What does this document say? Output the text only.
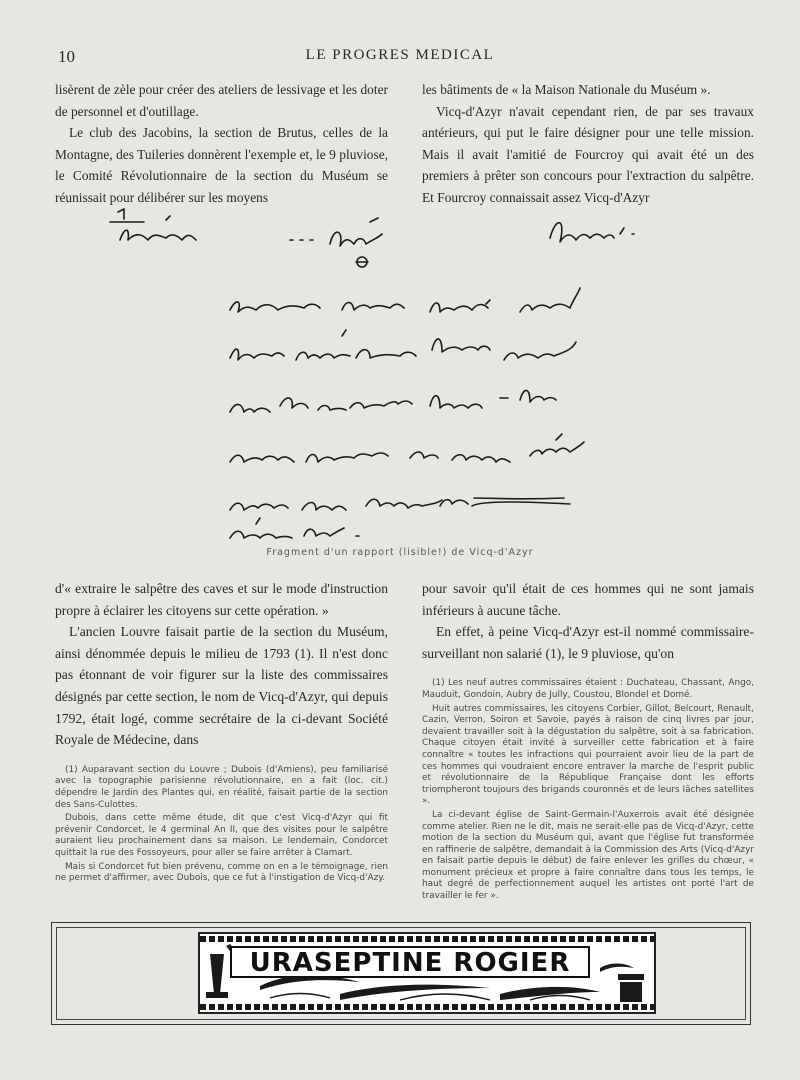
10	LE PROGRES MEDICAL

lisèrent de zèle pour créer des ateliers de lessivage et les doter de personnel et d'outillage.

Le club des Jacobins, la section de Brutus, celles de la Montagne, des Tuileries donnèrent l'exemple et, le 9 pluviose, le Comité Révolutionnaire de la section du Muséum se réunissait pour délibérer sur les moyens

les bâtiments de « la Maison Nationale du Muséum ».

Vicq-d'Azyr n'avait cependant rien, de par ses travaux antérieurs, qui put le faire désigner pour une telle mission. Mais il avait l'amitié de Fourcroy qui avait été un des premiers à prêter son concours pour l'extraction du salpêtre. Et Fourcroy connaissait assez Vicq-d'Azyr

Fragment d'un rapport (lisible!) de Vicq-d'Azyr

d'« extraire le salpêtre des caves et sur le mode d'instruction propre à éclairer les citoyens sur cette opération. »

L'ancien Louvre faisait partie de la section du Muséum, ainsi dénommée depuis le milieu de 1793 (1). Il n'est donc pas étonnant de voir figurer sur la liste des commissaires désignés par cette section, le nom de Vicq-d'Azyr, qui depuis 1792, était logé, comme secrétaire de la ci-devant Société Royale de Médecine, dans

(1) Auparavant section du Louvre ; Dubois (d'Amiens), peu familiarisé avec la topographie parisienne révolutionnaire, en a fait (loc. cit.) dépendre le Jardin des Plantes qui, en réalité, faisait partie de la section des Sans-Culottes.

Dubois, dans cette même étude, dit que c'est Vicq-d'Azyr qui fit prévenir Condorcet, le 4 germinal An II, que des visites pour le salpêtre auraient lieu prochainement dans sa maison. Le lendemain, Condorcet quittait la rue des Fossoyeurs, pour aller se faire arrêter à Clamart.

Mais si Condorcet fut bien prévenu, comme on en a le témoignage, rien ne permet d'affirmer, avec Dubois, que ce fut à l'instigation de Vicq-d'Azy.

pour savoir qu'il était de ces hommes qui ne sont jamais inférieurs à aucune tâche.

En effet, à peine Vicq-d'Azyr est-il nommé commissaire-surveillant non salarié (1), le 9 pluviose, qu'on

(1) Les neuf autres commissaires étaient : Duchateau, Chassant, Ango, Mauduit, Gondoin, Aubry de Jully, Coustou, Blondel et Domé.

Huit autres commissaires, les citoyens Corbier, Gillot, Belcourt, Renault, Cazin, Verron, Soiron et Savoie, payés à raison de cinq livres par jour, devaient travailler soit à la dégustation du salpêtre, soit à sa fabrication. Chaque citoyen était invité à surveiller cette fabrication et à faire connaître « toutes les infractions qui pourraient avoir lieu de la part de ces hommes qui voudraient encore entraver la marche de l'esprit public et révolutionnaire de la République Française dont les efforts triompheront toujours des brigands couronnés et de leurs lâches satellites ».

La ci-devant église de Saint-Germain-l'Auxerrois avait été désignée comme atelier. Rien ne le dit, mais ne serait-elle pas de Vicq-d'Azyr, cette motion de la section du Muséum qui, avant que l'église fut transformée en raffinerie de salpêtre, demandait à la Commission des Arts (Vicq-d'Azyr en faisait partie depuis le début) de faire enlever les grilles du chœur, « monument précieux et propre à faire connaître dans tous les temps, le haut degré de perfectionnement auquel les artistes ont porté l'art de travailler le fer ».

URASEPTINE ROGIER
